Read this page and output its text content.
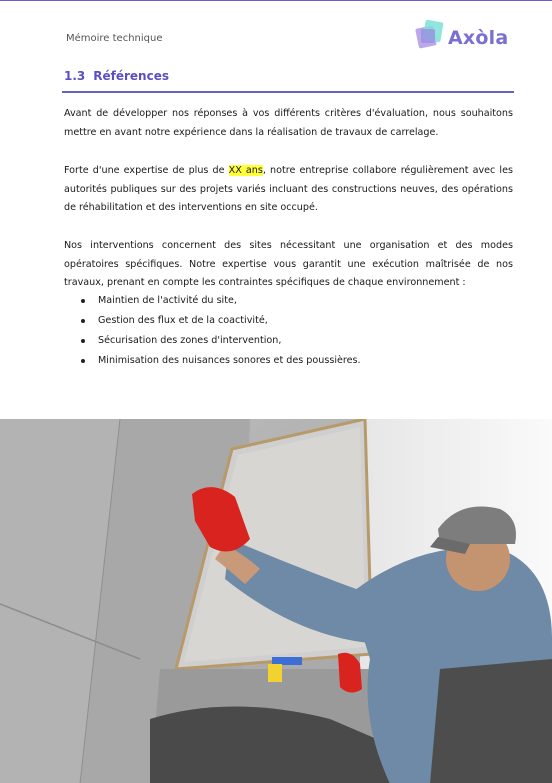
Mémoire technique	Axòla
1.3 Références
Avant de développer nos réponses à vos différents critères d'évaluation, nous souhaitons mettre en avant notre expérience dans la réalisation de travaux de carrelage.
Forte d'une expertise de plus de XX ans, notre entreprise collabore régulièrement avec les autorités publiques sur des projets variés incluant des constructions neuves, des opérations de réhabilitation et des interventions en site occupé.
Nos interventions concernent des sites nécessitant une organisation et des modes opératoires spécifiques. Notre expertise vous garantit une exécution maîtrisée de nos travaux, prenant en compte les contraintes spécifiques de chaque environnement :
Maintien de l'activité du site,
Gestion des flux et de la coactivité,
Sécurisation des zones d'intervention,
Minimisation des nuisances sonores et des poussières.
